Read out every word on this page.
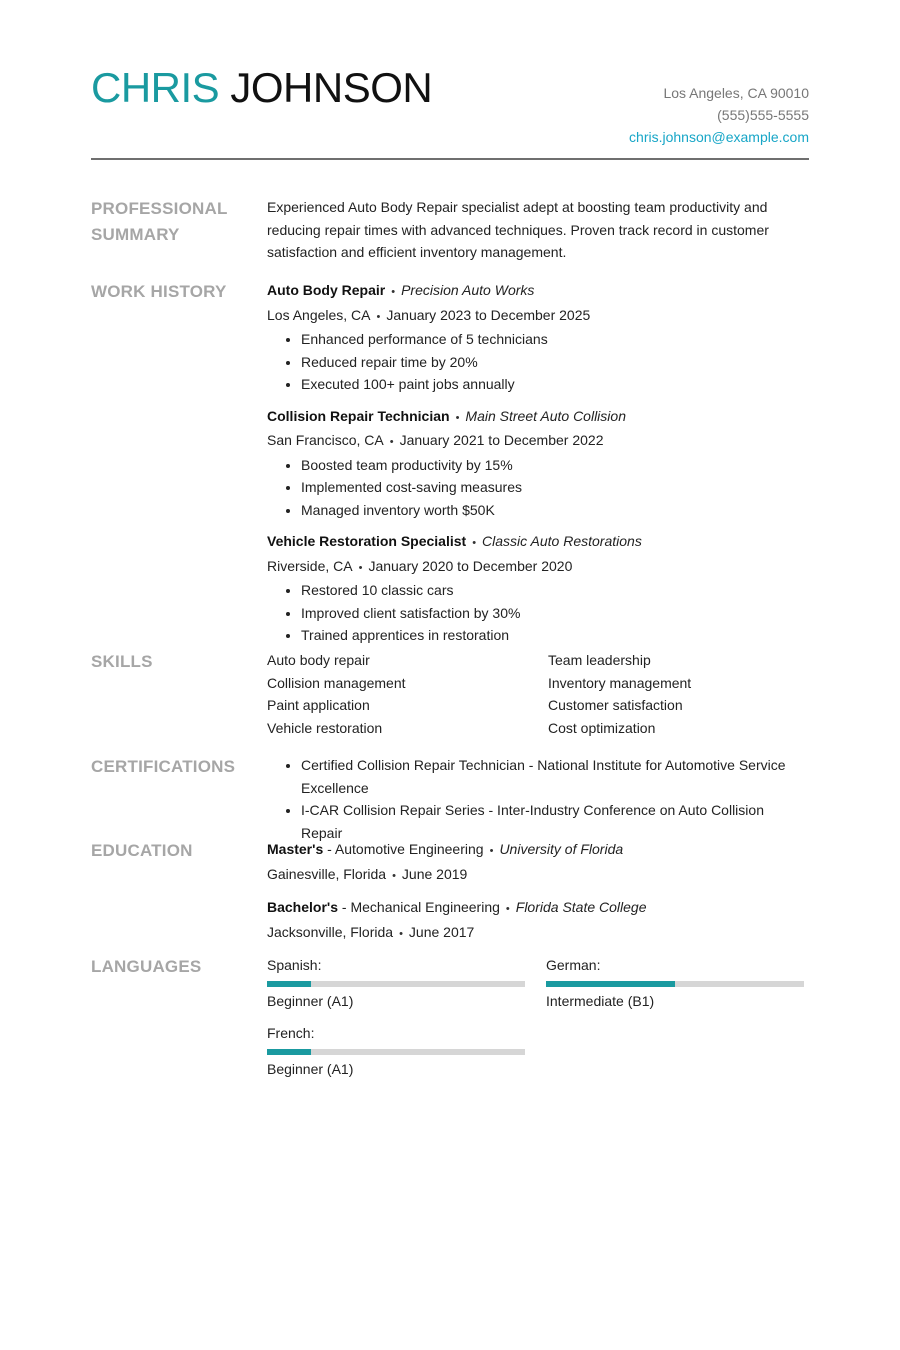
CHRIS JOHNSON	Los Angeles, CA 90010
(555)555-5555
chris.johnson@example.com
PROFESSIONAL
SUMMARY
Experienced Auto Body Repair specialist adept at boosting team productivity and reducing repair times with advanced techniques. Proven track record in customer satisfaction and efficient inventory management.
WORK HISTORY	Auto Body Repair • Precision Auto Works
Los Angeles, CA • January 2023 to December 2025
• Enhanced performance of 5 technicians
• Reduced repair time by 20%
• Executed 100+ paint jobs annually
Collision Repair Technician • Main Street Auto Collision
San Francisco, CA • January 2021 to December 2022
• Boosted team productivity by 15%
• Implemented cost-saving measures
• Managed inventory worth $50K
Vehicle Restoration Specialist • Classic Auto Restorations
Riverside, CA • January 2020 to December 2020
• Restored 10 classic cars
• Improved client satisfaction by 30%
• Trained apprentices in restoration
SKILLS	Auto body repair	Team leadership
Collision management	Inventory management
Paint application	Customer satisfaction
Vehicle restoration	Cost optimization
CERTIFICATIONS
•	Certified Collision Repair Technician - National Institute for Automotive Service Excellence
• I-CAR Collision Repair Series - Inter-Industry Conference on Auto Collision Repair
EDUCATION	Master's - Automotive Engineering • University of Florida
Gainesville, Florida • June 2019
Bachelor's - Mechanical Engineering • Florida State College
Jacksonville, Florida • June 2017
LANGUAGES	Spanish:
Beginner (A1)
German:
Intermediate (B1)
French:
Beginner (A1)
